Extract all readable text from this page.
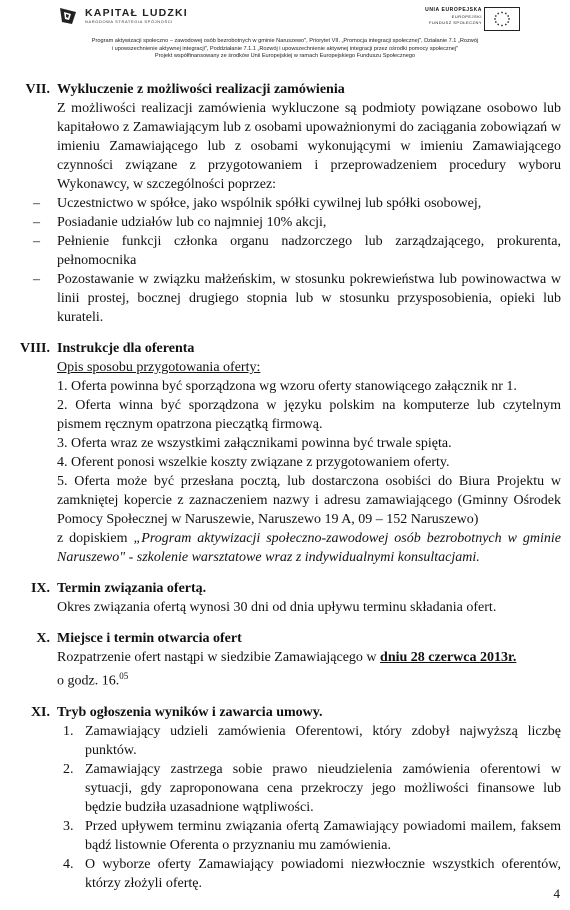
KAPITAŁ LUDZKI
NARODOWA STRATEGIA SPÓJNOŚCI
UNIA EUROPEJSKA
EUROPEJSKI
FUNDUSZ SPOŁECZNY
Program aktywizacji społeczno – zawodowej osób bezrobotnych w gminie Naruszewo", Priorytet VII. „Promocja integracji społecznej", Działanie 7.1 „Rozwój
i upowszechnienie aktywnej integracji", Poddziałanie 7.1.1 „Rozwój i upowszechnienie aktywnej integracji przez ośrodki pomocy społecznej"
Projekt współfinansowany ze środków Unii Europejskiej w ramach Europejskiego Funduszu Społecznego
VII. Wykluczenie z możliwości realizacji zamówienia
Z możliwości realizacji zamówienia wykluczone są podmioty powiązane osobowo lub kapitałowo z Zamawiającym lub z osobami upoważnionymi do zaciągania zobowiązań w imieniu Zamawiającego lub z osobami wykonującymi w imieniu Zamawiającego czynności związane z przygotowaniem i przeprowadzeniem procedury wyboru Wykonawcy, w szczególności poprzez:
–	Uczestnictwo w spółce, jako wspólnik spółki cywilnej lub spółki osobowej,
–	Posiadanie udziałów lub co najmniej 10% akcji,
–	Pełnienie funkcji członka organu nadzorczego lub zarządzającego, prokurenta, pełnomocnika
–	Pozostawanie w związku małżeńskim, w stosunku pokrewieństwa lub powinowactwa w linii prostej, bocznej drugiego stopnia lub w stosunku przysposobienia, opieki lub kurateli.
VIII. Instrukcje dla oferenta
Opis sposobu przygotowania oferty:
1. Oferta powinna być sporządzona wg wzoru oferty stanowiącego załącznik nr 1.
2. Oferta winna być sporządzona w języku polskim na komputerze lub czytelnym pismem ręcznym opatrzona pieczątką firmową.
3. Oferta wraz ze wszystkimi załącznikami powinna być trwale spięta.
4. Oferent ponosi wszelkie koszty związane z przygotowaniem oferty.
5. Oferta może być przesłana pocztą, lub dostarczona osobiści do Biura Projektu w zamkniętej kopercie z zaznaczeniem nazwy i adresu zamawiającego (Gminny Ośrodek Pomocy Społecznej w Naruszewie, Naruszewo 19 A, 09 – 152 Naruszewo)
z dopiskiem „Program aktywizacji społeczno-zawodowej osób bezrobotnych w gminie Naruszewo" - szkolenie warsztatowe wraz z indywidualnymi konsultacjami.
IX. Termin związania ofertą.
Okres związania ofertą wynosi 30 dni od dnia upływu terminu składania ofert.
X. Miejsce i termin otwarcia ofert
Rozpatrzenie ofert nastąpi w siedzibie Zamawiającego w dniu 28 czerwca 2013r.
o godz. 16.05
XI. Tryb ogłoszenia wyników i zawarcia umowy.
1. Zamawiający udzieli zamówienia Oferentowi, który zdobył najwyższą liczbę punktów.
2. Zamawiający zastrzega sobie prawo nieudzielenia zamówienia oferentowi w sytuacji, gdy zaproponowana cena przekroczy jego możliwości finansowe lub będzie budziła uzasadnione wątpliwości.
3. Przed upływem terminu związania ofertą Zamawiający powiadomi mailem, faksem bądź listownie Oferenta o przyznaniu mu zamówienia.
4. O wyborze oferty Zamawiający powiadomi niezwłocznie wszystkich oferentów, którzy złożyli ofertę.
4
